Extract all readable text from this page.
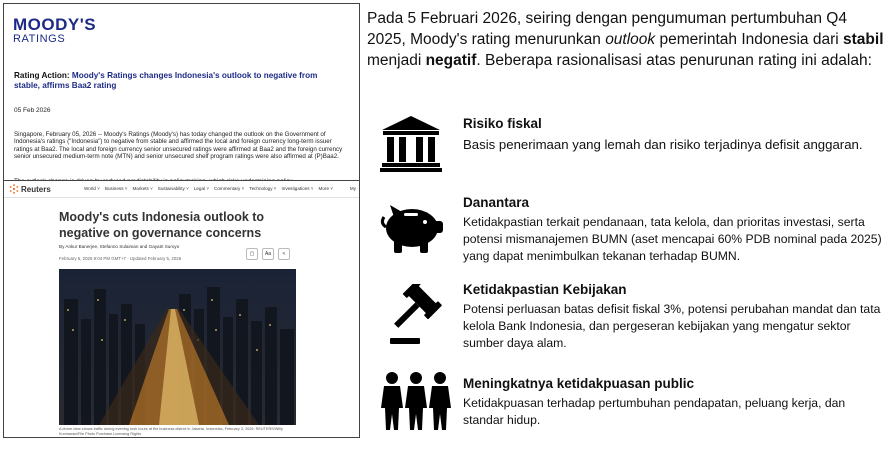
MOODY'S
RATINGS
Rating Action: Moody's Ratings changes Indonesia's outlook to negative from stable, affirms Baa2 rating
05 Feb 2026
Singapore, February 05, 2026 -- Moody's Ratings (Moody's) has today changed the outlook on the Government of Indonesia's ratings ("Indonesia") to negative from stable and affirmed the local and foreign currency long-term issuer ratings at Baa2. The local and foreign currency senior unsecured ratings were affirmed at Baa2 and the foreign currency senior unsecured medium-term note (MTN) and senior unsecured shelf program ratings were also affirmed at (P)Baa2.
Reuters	World ˅ Business ˅ Markets ˅ Sustainability ˅ Legal ˅ Commentary ˅ Technology ˅ Investigations ˅ More ˅	My
Moody's cuts Indonesia outlook to negative on governance concerns
By Ankur Banerjee, Stefanno Sulaiman and Gayatri Suroyo
February 5, 2026 9:04 PM GMT+7 · Updated February 5, 2026
▢	Aa	<
A drone view shows traffic during evening rush hours at the business district in Jakarta, Indonesia, February 3, 2026. REUTERS/Willy Kurniawan/File Photo Purchase Licensing Rights
Pada 5 Februari 2026, seiring dengan pengumuman pertumbuhan Q4 2025, Moody's rating menurunkan outlook pemerintah Indonesia dari stabil menjadi negatif. Beberapa rasionalisasi atas penurunan rating ini adalah:
Risiko fiskal
Basis penerimaan yang lemah dan risiko terjadinya defisit anggaran.
Danantara
Ketidakpastian terkait pendanaan, tata kelola, dan prioritas investasi, serta potensi mismanajemen BUMN (aset mencapai 60% PDB nominal pada 2025) yang dapat menimbulkan tekanan terhadap BUMN.
Ketidakpastian Kebijakan
Potensi perluasan batas defisit fiskal 3%, potensi perubahan mandat dan tata kelola Bank Indonesia, dan pergeseran kebijakan yang mengatur sektor sumber daya alam.
Meningkatnya ketidakpuasan public
Ketidakpuasan terhadap pertumbuhan pendapatan, peluang kerja, dan standar hidup.
